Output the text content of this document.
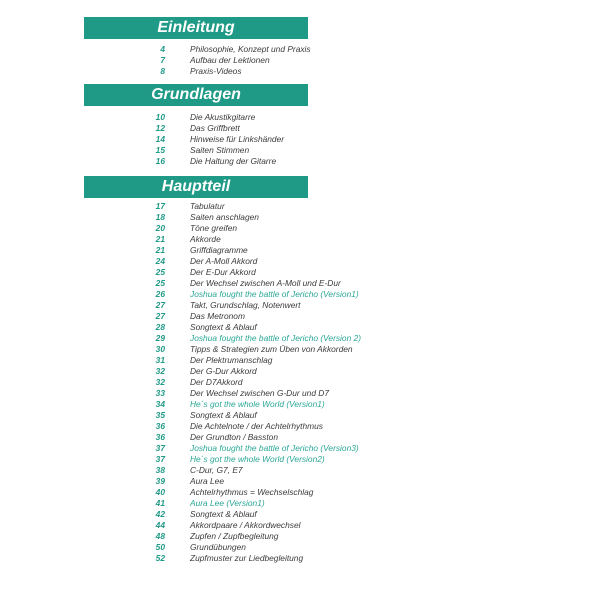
Einleitung
4	Philosophie, Konzept und Praxis
7	Aufbau der Lektionen
8	Praxis-Videos
Grundlagen
10	Die Akustikgitarre
12	Das Griffbrett
14	Hinweise für Linkshänder
15	Saiten Stimmen
16	Die Haltung der Gitarre
Hauptteil
17	Tabulatur
18	Saiten anschlagen
20	Töne greifen
21	Akkorde
21	Griffdiagramme
24	Der A-Moll Akkord
25	Der E-Dur Akkord
25	Der Wechsel zwischen A-Moll und E-Dur
26	Joshua fought the battle of Jericho (Version1)
27	Takt, Grundschlag, Notenwert
27	Das Metronom
28	Songtext & Ablauf
29	Joshua fought the battle of Jericho (Version 2)
30	Tipps & Strategien zum Üben von Akkorden
31	Der Plektrumanschlag
32	Der G-Dur Akkord
32	Der D7Akkord
33	Der Wechsel zwischen G-Dur und D7
34	He´s got the whole World (Version1)
35	Songtext & Ablauf
36	Die Achtelnote / der Achtelrhythmus
36	Der Grundton / Basston
37	Joshua fought the battle of Jericho (Version3)
37	He´s got the whole World (Version2)
38	C-Dur, G7, E7
39	Aura Lee
40	Achtelrhythmus = Wechselschlag
41	Aura Lee (Version1)
42	Songtext & Ablauf
44	Akkordpaare / Akkordwechsel
48	Zupfen / Zupfbegleitung
50	Grundübungen
52	Zupfmuster zur Liedbegleitung
